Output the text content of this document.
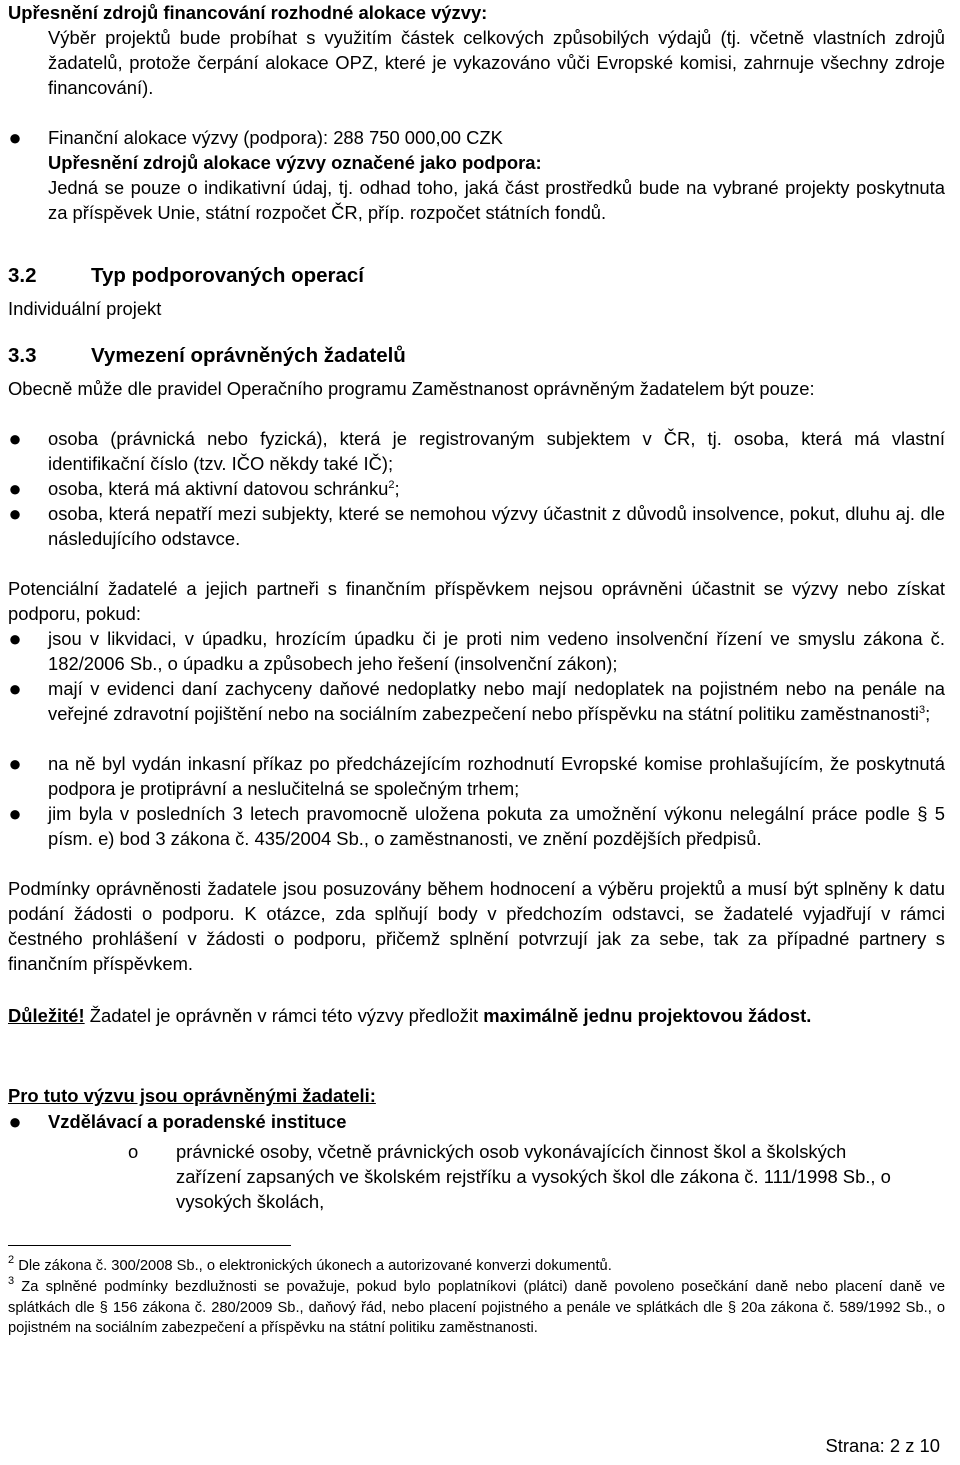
Upřesnění zdrojů financování rozhodné alokace výzvy:

Výběr projektů bude probíhat s využitím částek celkových způsobilých výdajů (tj. včetně vlastních zdrojů žadatelů, protože čerpání alokace OPZ, které je vykazováno vůči Evropské komisi, zahrnuje všechny zdroje financování).

● Finanční alokace výzvy (podpora): 288 750 000,00 CZK

Upřesnění zdrojů alokace výzvy označené jako podpora:

Jedná se pouze o indikativní údaj, tj. odhad toho, jaká část prostředků bude na vybrané projekty poskytnuta za příspěvek Unie, státní rozpočet ČR, příp. rozpočet státních fondů.

3.2	Typ podporovaných operací

Individuální projekt

3.3	Vymezení oprávněných žadatelů

Obecně může dle pravidel Operačního programu Zaměstnanost oprávněným žadatelem být pouze:

● osoba (právnická nebo fyzická), která je registrovaným subjektem v ČR, tj. osoba, která má vlastní identifikační číslo (tzv. IČO někdy také IČ);

● osoba, která má aktivní datovou schránku$^2$;

● osoba, která nepatří mezi subjekty, které se nemohou výzvy účastnit z důvodů insolvence, pokut, dluhu aj. dle následujícího odstavce.

Potenciální žadatelé a jejich partneři s finančním příspěvkem nejsou oprávněni účastnit se výzvy nebo získat podporu, pokud:

● jsou v likvidaci, v úpadku, hrozícím úpadku či je proti nim vedeno insolvenční řízení ve smyslu zákona č. 182/2006 Sb., o úpadku a způsobech jeho řešení (insolvenční zákon);

● mají v evidenci daní zachyceny daňové nedoplatky nebo mají nedoplatek na pojistném nebo na penále na veřejné zdravotní pojištění nebo na sociálním zabezpečení nebo příspěvku na státní politiku zaměstnanosti$^3$;

● na ně byl vydán inkasní příkaz po předcházejícím rozhodnutí Evropské komise prohlašujícím, že poskytnutá podpora je protiprávní a neslučitelná se společným trhem;

● jim byla v posledních 3 letech pravomocně uložena pokuta za umožnění výkonu nelegální práce podle § 5 písm. e) bod 3 zákona č. 435/2004 Sb., o zaměstnanosti, ve znění pozdějších předpisů.

Podmínky oprávněnosti žadatele jsou posuzovány během hodnocení a výběru projektů a musí být splněny k datu podání žádosti o podporu. K otázce, zda splňují body v předchozím odstavci, se žadatelé vyjadřují v rámci čestného prohlášení v žádosti o podporu, přičemž splnění potvrzují jak za sebe, tak za případné partnery s finančním příspěvkem.

Důležité! Žadatel je oprávněn v rámci této výzvy předložit maximálně jednu projektovou žádost.

Pro tuto výzvu jsou oprávněnými žadateli:

● Vzdělávací a poradenské instituce

o právnické osoby, včetně právnických osob vykonávajících činnost škol a školských zařízení zapsaných ve školském rejstříku a vysokých škol dle zákona č. 111/1998 Sb., o vysokých školách,

$^2$ Dle zákona č. 300/2008 Sb., o elektronických úkonech a autorizované konverzi dokumentů.

$^3$ Za splněné podmínky bezdlužnosti se považuje, pokud bylo poplatníkovi (plátci) daně povoleno posečkání daně nebo placení daně ve splátkách dle § 156 zákona č. 280/2009 Sb., daňový řád, nebo placení pojistného a penále ve splátkách dle § 20a zákona č. 589/1992 Sb., o pojistném na sociálním zabezpečení a příspěvku na státní politiku zaměstnanosti.

Strana: 2 z 10
